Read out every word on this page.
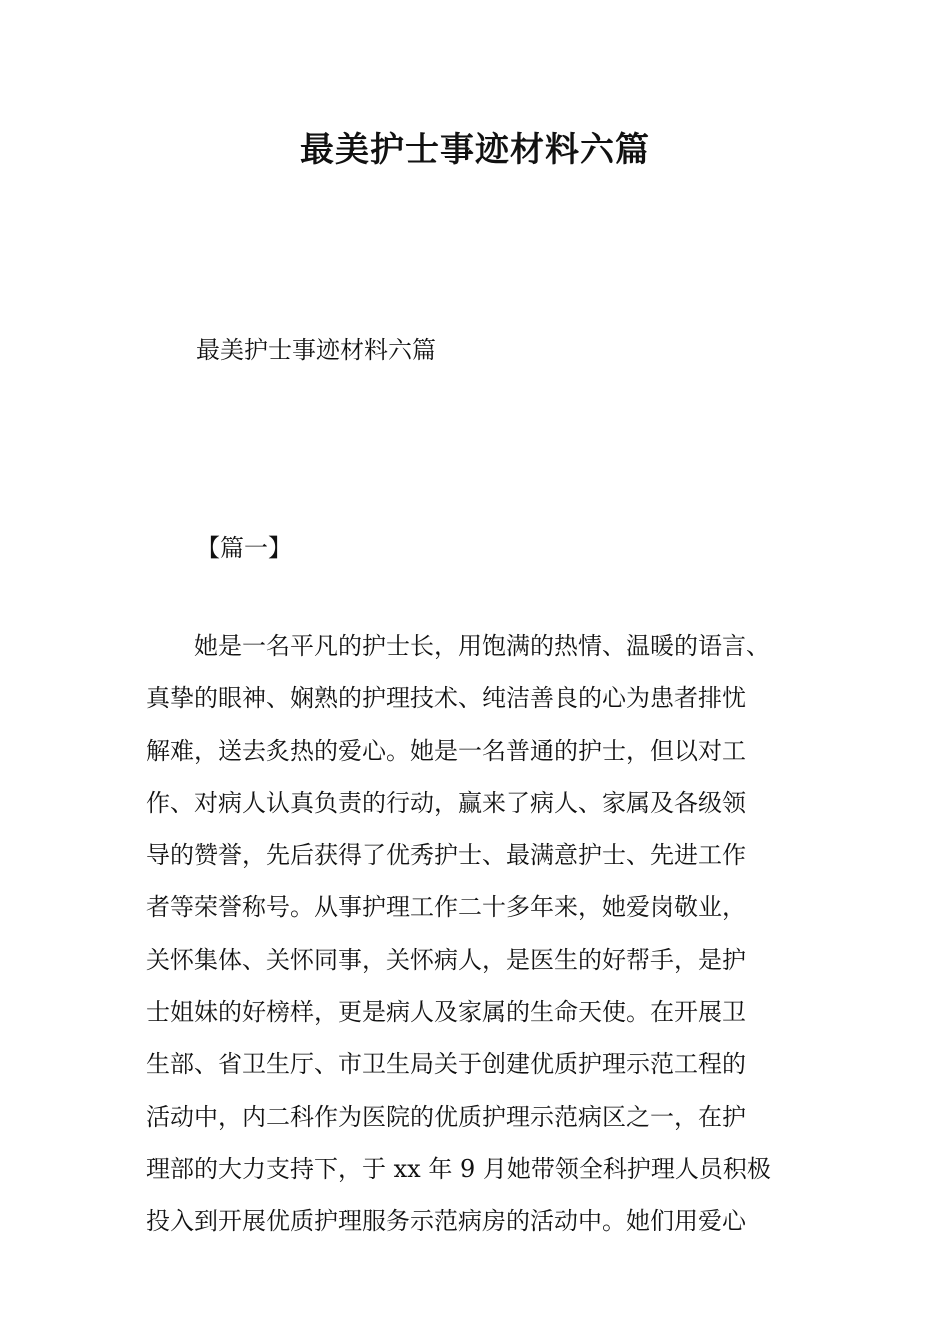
最美护士事迹材料六篇

最美护士事迹材料六篇

【篇一】

　　她是一名平凡的护士长，用饱满的热情、温暖的语言、
真挚的眼神、娴熟的护理技术、纯洁善良的心为患者排忧
解难，送去炙热的爱心。她是一名普通的护士，但以对工
作、对病人认真负责的行动，赢来了病人、家属及各级领
导的赞誉，先后获得了优秀护士、最满意护士、先进工作
者等荣誉称号。从事护理工作二十多年来，她爱岗敬业，
关怀集体、关怀同事，关怀病人，是医生的好帮手，是护
士姐妹的好榜样，更是病人及家属的生命天使。在开展卫
生部、省卫生厅、市卫生局关于创建优质护理示范工程的
活动中，内二科作为医院的优质护理示范病区之一，在护
理部的大力支持下，于 xx 年 9 月她带领全科护理人员积极
投入到开展优质护理服务示范病房的活动中。她们用爱心
